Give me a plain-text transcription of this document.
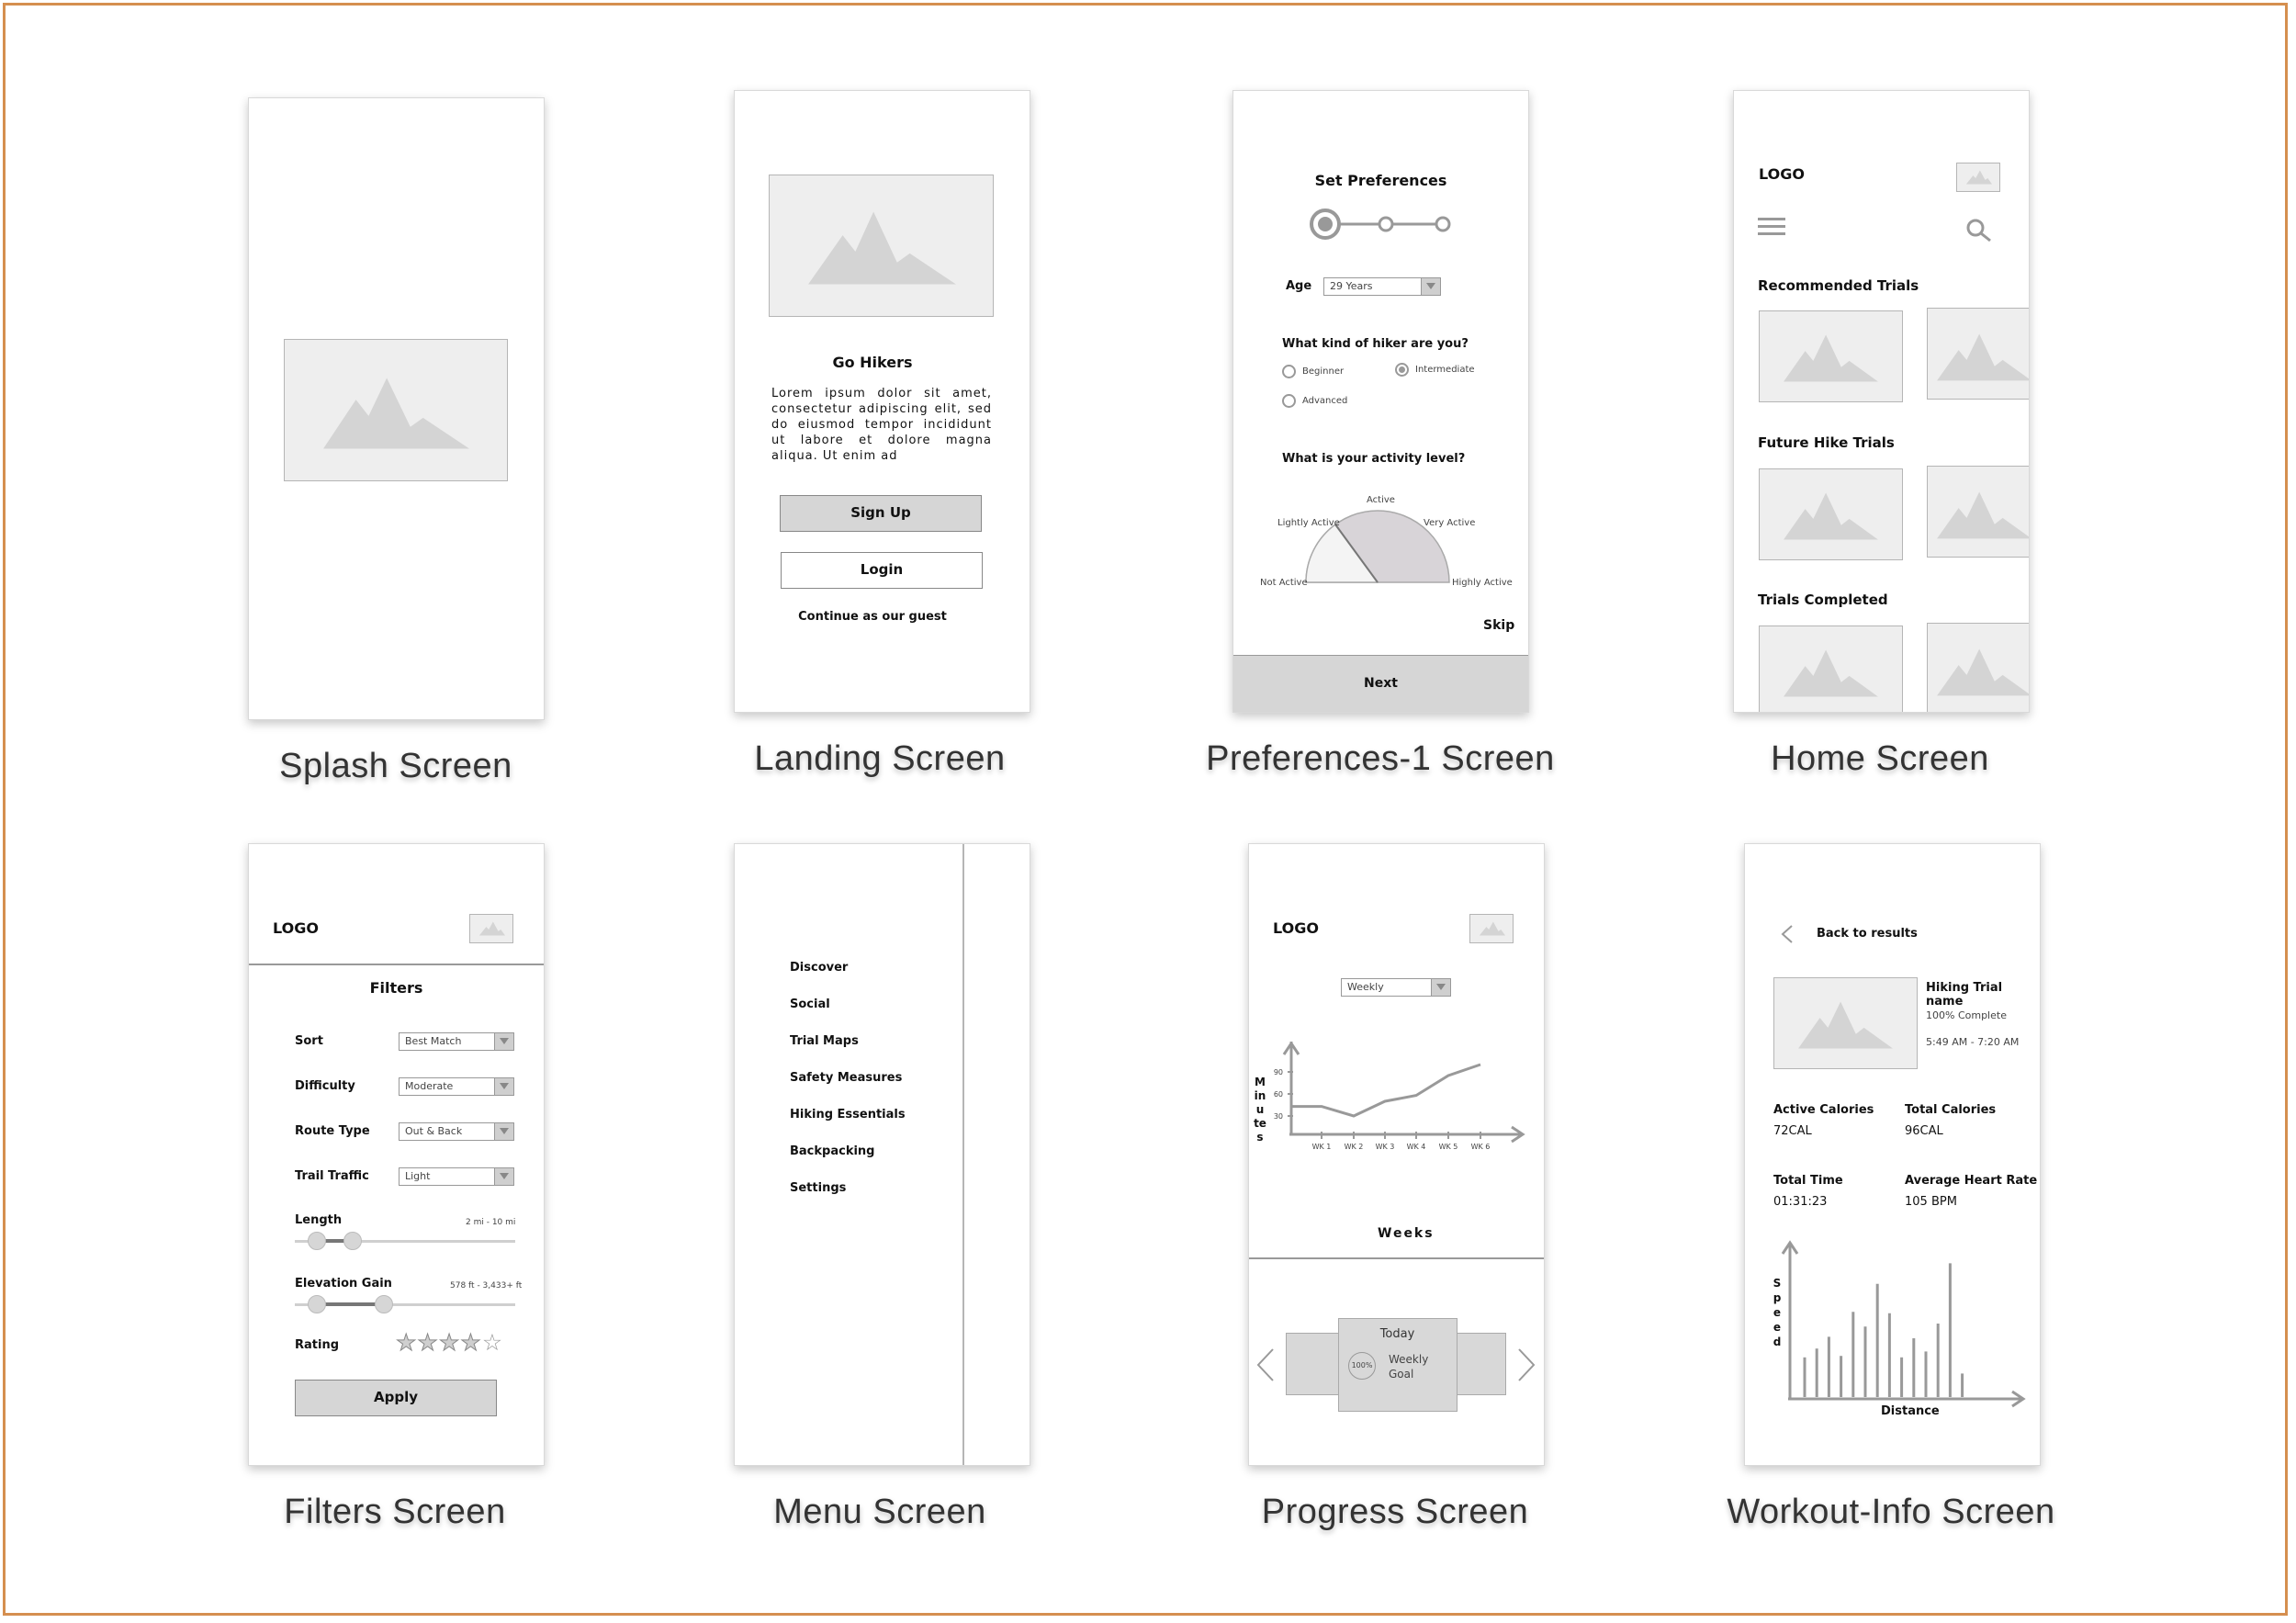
Splash Screen
Go Hikers
Lorem ipsum dolor sit amet, consectetur adipiscing elit, sed do eiusmod tempor incididunt ut labore et dolore magna aliqua. Ut enim ad
Sign Up
Login
Continue as our guest
Landing Screen
Set Preferences
Age	29 Years
What kind of hiker are you?
Beginner	Intermediate
Advanced
What is your activity level?
Not Active
Lightly Active
Active
Very Active
Highly Active
Skip
Next
Preferences-1 Screen
LOGO
Recommended Trials
Future Hike Trials
Trials Completed
Home Screen
LOGO
Filters
Sort	Best Match
Difficulty	Moderate
Route Type	Out & Back
Trail Traffic	Light
Length	2 mi - 10 mi
Elevation Gain	578 ft - 3,433+ ft
Rating ★★★★☆
Apply
Filters Screen
Discover
Social
Trial Maps
Safety Measures
Hiking Essentials
Backpacking
Settings
Menu Screen
LOGO
Weekly
30
60
90
WK 1 WK 2 WK 3 WK 4 WK 5 WK 6
Minutes
Weeks
Today
100% Weekly Goal
Progress Screen
Back to results
Hiking Trial name
100% Complete
5:49 AM - 7:20 AM
Active Calories
72CAL
Total Calories
96CAL
Total Time
01:31:23
Average Heart Rate
105 BPM
Speed
Distance
Workout-Info Screen
